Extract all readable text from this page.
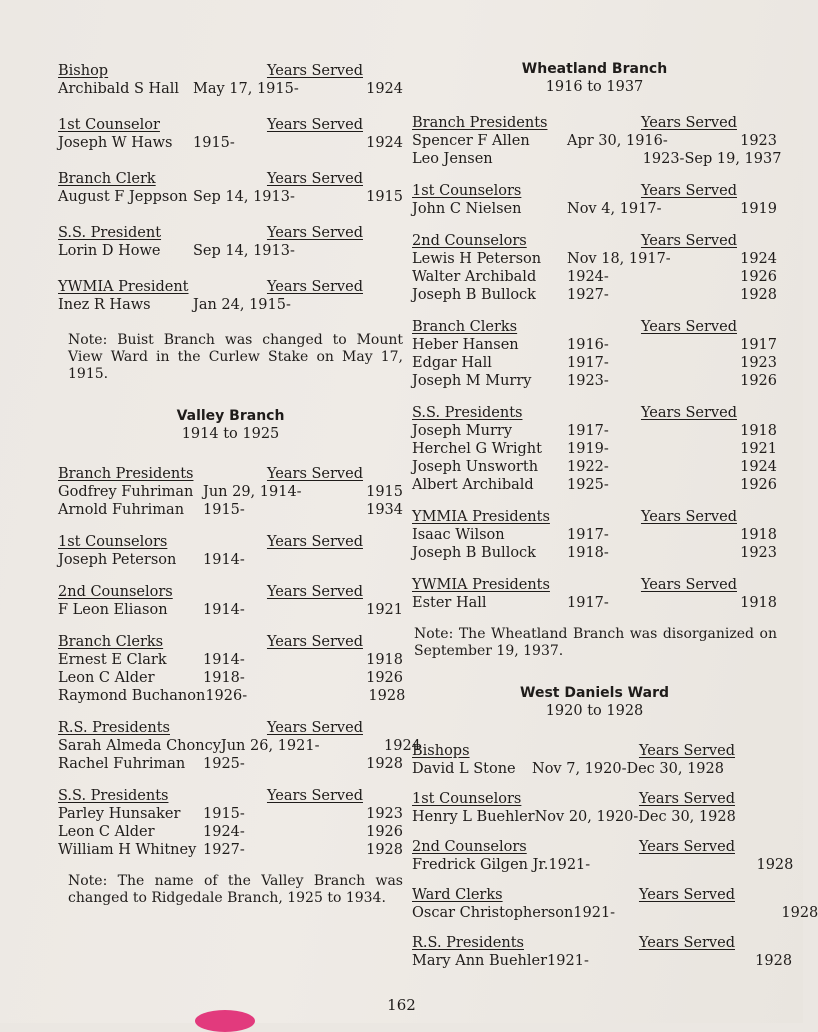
Bishop	Years Served
Archibald S Hall May 17, 1915-	1924
1st Counselor	Years Served
Joseph W Haws 1915-	1924
Branch Clerk	Years Served
August F Jeppson Sep 14, 1913-	1915
S.S. President	Years Served
Lorin D Howe Sep 14, 1913-
YWMIA President	Years Served
Inez R Haws	Jan 24, 1915-
Note: Buist Branch was changed to Mount View Ward in the Curlew Stake on May 17, 1915.
Valley Branch
1914 to 1925
Branch Presidents	Years Served
Godfrey Fuhriman Jun 29, 1914-	1915
Arnold Fuhriman 1915-	1934
1st Counselors	Years Served
Joseph Peterson 1914-
2nd Counselors	Years Served
F Leon Eliason 1914-	1921
Branch Clerks	Years Served
Ernest E Clark	1914-	1918
Leon C Alder	1918-	1926
Raymond Buchanon 1926-	1928
R.S. Presidents	Years Served
Sarah Almeda Choncy Jun 26, 1921-	1924
Rachel Fuhriman 1925-	1928
S.S. Presidents	Years Served
Parley Hunsaker 1915-	1923
Leon C Alder	1924-	1926
William H Whitney 1927-	1928
Note: The name of the Valley Branch was changed to Ridgedale Branch, 1925 to 1934.
Wheatland Branch
1916 to 1937
Branch Presidents	Years Served
Spencer F Allen	Apr 30, 1916-	1923
Leo Jensen	1923-Sep 19, 1937
1st Counselors	Years Served
John C Nielsen	Nov 4, 1917-	1919
2nd Counselors	Years Served
Lewis H Peterson Nov 18, 1917-	1924
Walter Archibald 1924-	1926
Joseph B Bullock 1927-	1928
Branch Clerks	Years Served
Heber Hansen	1916-	1917
Edgar Hall	1917-	1923
Joseph M Murry 1923-	1926
S.S. Presidents	Years Served
Joseph Murry	1917-	1918
Herchel G Wright 1919-	1921
Joseph Unsworth 1922-	1924
Albert Archibald 1925-	1926
YMMIA Presidents	Years Served
Isaac Wilson	1917-	1918
Joseph B Bullock 1918-	1923
YWMIA Presidents	Years Served
Ester Hall	1917-	1918
Note: The Wheatland Branch was disorganized on September 19, 1937.
West Daniels Ward
1920 to 1928
Bishops	Years Served
David L Stone Nov 7, 1920-Dec 30, 1928
1st Counselors	Years Served
Henry L Buehler Nov 20, 1920-Dec 30, 1928
2nd Counselors	Years Served
Fredrick Gilgen Jr. 1921-	1928
Ward Clerks	Years Served
Oscar Christopherson 1921-	1928
R.S. Presidents	Years Served
Mary Ann Buehler 1921-	1928
162
